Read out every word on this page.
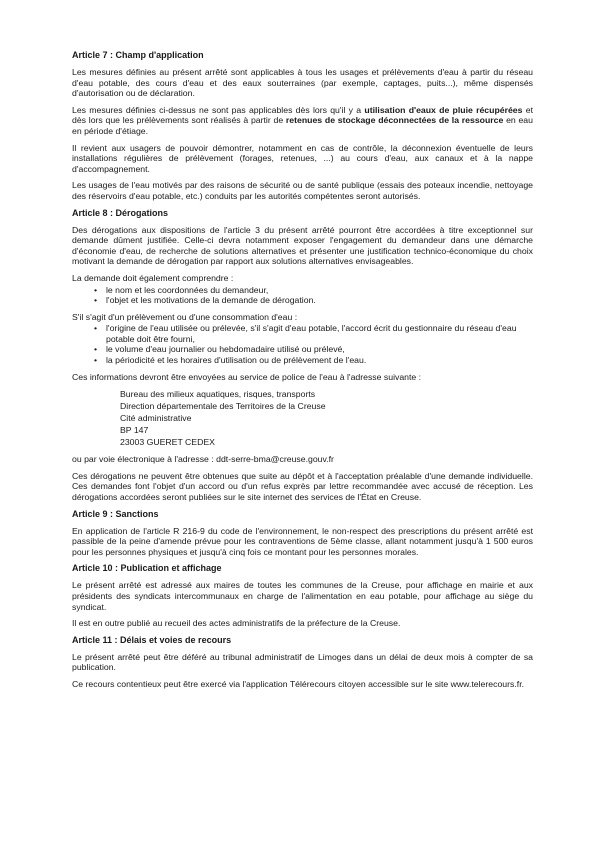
Article 7 : Champ d'application

Les mesures définies au présent arrêté sont applicables à tous les usages et prélèvements d'eau à partir du réseau d'eau potable, des cours d'eau et des eaux souterraines (par exemple, captages, puits...), même dispensés d'autorisation ou de déclaration.

Les mesures définies ci-dessus ne sont pas applicables dès lors qu'il y a utilisation d'eaux de pluie récupérées et dès lors que les prélèvements sont réalisés à partir de retenues de stockage déconnectées de la ressource en eau en période d'étiage.

Il revient aux usagers de pouvoir démontrer, notamment en cas de contrôle, la déconnexion éventuelle de leurs installations régulières de prélèvement (forages, retenues, ...) au cours d'eau, aux canaux et à la nappe d'accompagnement.

Les usages de l'eau motivés par des raisons de sécurité ou de santé publique (essais des poteaux incendie, nettoyage des réservoirs d'eau potable, etc.) conduits par les autorités compétentes seront autorisés.

Article 8 : Dérogations

Des dérogations aux dispositions de l'article 3 du présent arrêté pourront être accordées à titre exceptionnel sur demande dûment justifiée. Celle-ci devra notamment exposer l'engagement du demandeur dans une démarche d'économie d'eau, de recherche de solutions alternatives et présenter une justification technico-économique du choix motivant la demande de dérogation par rapport aux solutions alternatives envisageables.

La demande doit également comprendre :

• le nom et les coordonnées du demandeur,
• l'objet et les motivations de la demande de dérogation.

S'il s'agit d'un prélèvement ou d'une consommation d'eau :

• l'origine de l'eau utilisée ou prélevée, s'il s'agit d'eau potable, l'accord écrit du gestionnaire du réseau d'eau potable doit être fourni,
• le volume d'eau journalier ou hebdomadaire utilisé ou prélevé,
• la périodicité et les horaires d'utilisation ou de prélèvement de l'eau.

Ces informations devront être envoyées au service de police de l'eau à l'adresse suivante :

Bureau des milieux aquatiques, risques, transports
Direction départementale des Territoires de la Creuse
Cité administrative
BP 147
23003 GUERET CEDEX

ou par voie électronique à l'adresse : ddt-serre-bma@creuse.gouv.fr

Ces dérogations ne peuvent être obtenues que suite au dépôt et à l'acceptation préalable d'une demande individuelle. Ces demandes font l'objet d'un accord ou d'un refus exprès par lettre recommandée avec accusé de réception. Les dérogations accordées seront publiées sur le site internet des services de l'État en Creuse.

Article 9 : Sanctions

En application de l'article R 216-9 du code de l'environnement, le non-respect des prescriptions du présent arrêté est passible de la peine d'amende prévue pour les contraventions de 5ème classe, allant notamment jusqu'à 1 500 euros pour les personnes physiques et jusqu'à cinq fois ce montant pour les personnes morales.

Article 10 : Publication et affichage

Le présent arrêté est adressé aux maires de toutes les communes de la Creuse, pour affichage en mairie et aux présidents des syndicats intercommunaux en charge de l'alimentation en eau potable, pour affichage au siège du syndicat.

Il est en outre publié au recueil des actes administratifs de la préfecture de la Creuse.

Article 11 : Délais et voies de recours

Le présent arrêté peut être déféré au tribunal administratif de Limoges dans un délai de deux mois à compter de sa publication.

Ce recours contentieux peut être exercé via l'application Télérecours citoyen accessible sur le site www.telerecours.fr.
